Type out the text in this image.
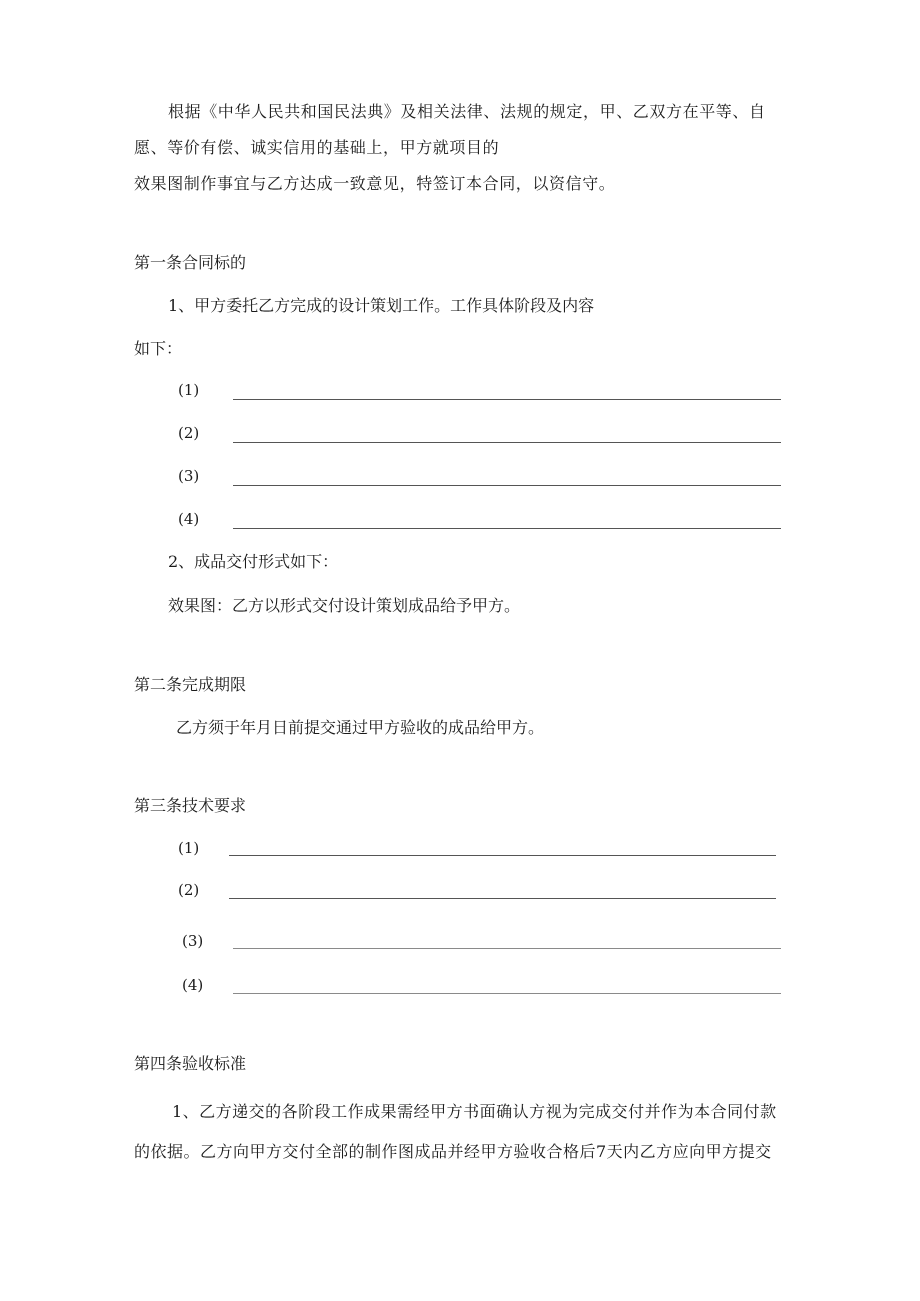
根据《中华人民共和国民法典》及相关法律、法规的规定，甲、乙双方在平等、自

愿、等价有偿、诚实信用的基础上，甲方就项目的

效果图制作事宜与乙方达成一致意见，特签订本合同，以资信守。

第一条合同标的

1、甲方委托乙方完成的设计策划工作。工作具体阶段及内容

如下：

(1)
(2)
(3)
(4)

2、成品交付形式如下：

效果图：乙方以形式交付设计策划成品给予甲方。

第二条完成期限

乙方须于年月日前提交通过甲方验收的成品给甲方。

第三条技术要求

(1)
(2)
(3)
(4)

第四条验收标准

1、乙方递交的各阶段工作成果需经甲方书面确认方视为完成交付并作为本合同付款

的依据。乙方向甲方交付全部的制作图成品并经甲方验收合格后7天内乙方应向甲方提交
